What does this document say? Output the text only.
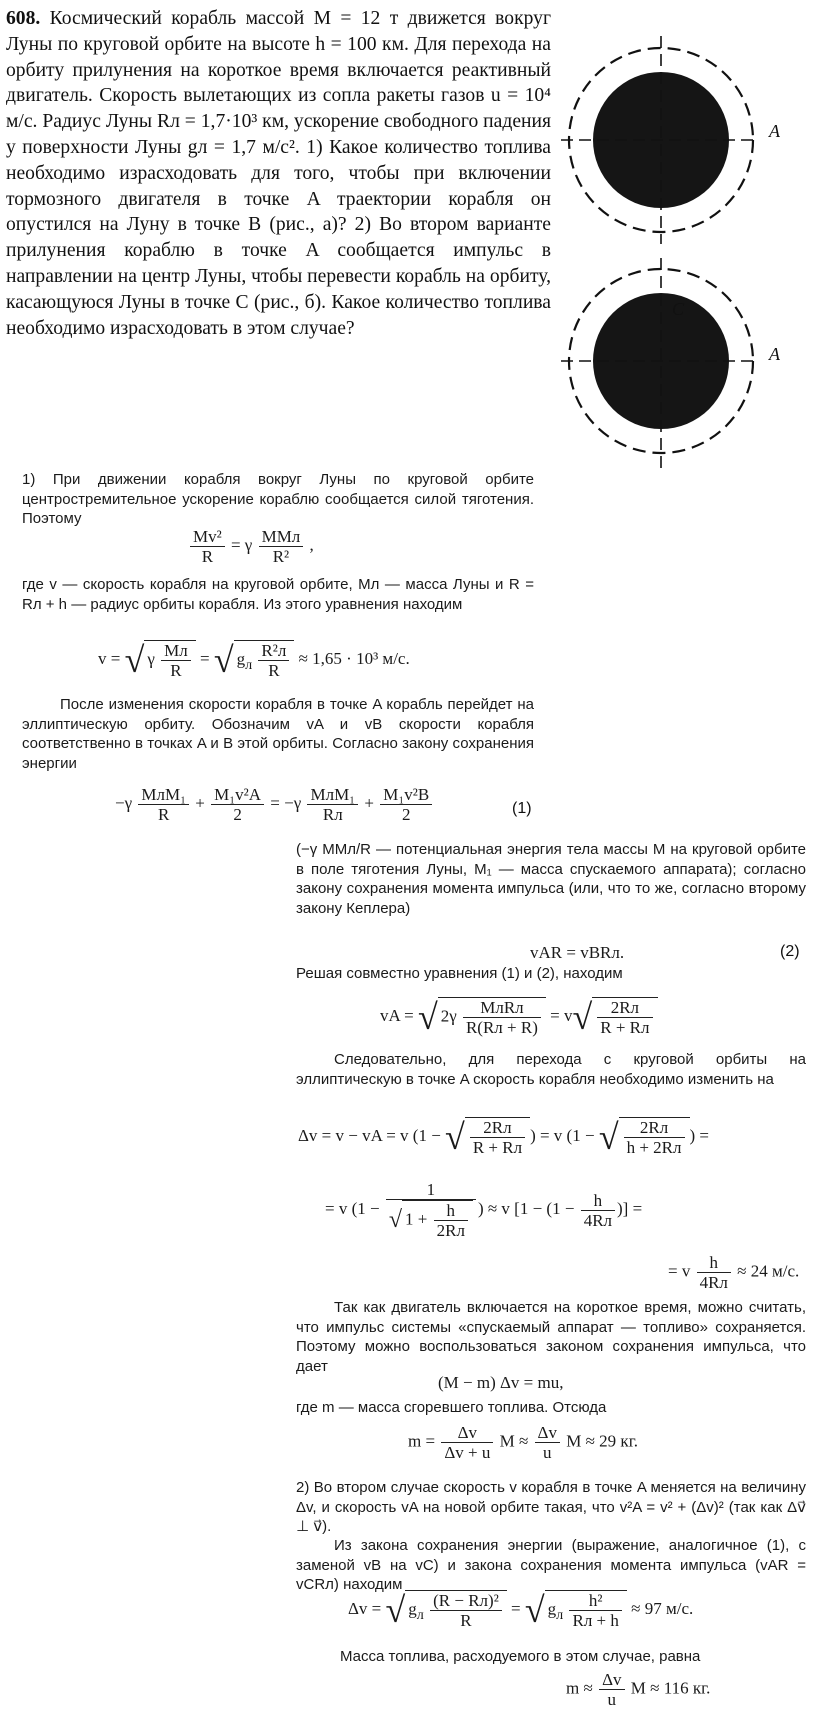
608. Космический корабль массой M = 12 т движется вокруг Луны по круговой орбите на высоте h = 100 км. Для перехода на орбиту прилунения на короткое время включается реактивный двигатель. Скорость вылетающих из сопла ракеты газов u = 10⁴ м/с. Радиус Луны Rл = 1,7·10³ км, ускорение свободного падения у поверхности Луны gл = 1,7 м/с². 1) Какое количество топлива необходимо израсходовать для того, чтобы при включении тормозного двигателя в точке A траектории корабля он опустился на Луну в точке B (рис., а)? 2) Во втором варианте прилунения кораблю в точке A сообщается импульс в направлении на центр Луны, чтобы перевести корабль на орбиту, касающуюся Луны в точке C (рис., б). Какое количество топлива необходимо израсходовать в этом случае?
B	A
C
A
1) При движении корабля вокруг Луны по круговой орбите центростремительное ускорение кораблю сообщается силой тяготения. Поэтому
$\frac{\text{Mv²}}{R} = \gamma$ MMл
R²
,
где v — скорость корабля на круговой орбите, Mл — масса Луны и R = Rл + h — радиус орбиты корабля. Из этого уравнения находим
v = √ γ Mл
R
= √ $g_л$
R²л
R
≈ 1,65 · 10³ м/с.
После изменения скорости корабля в точке A корабль перейдет на эллиптическую орбиту. Обозначим vA и vB скорости корабля соответственно в точках A и B этой орбиты. Согласно закону сохранения энергии
−γ MлM₁
R
+ $\frac{\text{M₁v²A}}{2} = -\gamma$ MлM₁
Rл
+ $\frac{\text{M₁v²B}}{2}$	(1)
(−γ MMл/R — потенциальная энергия тела массы M на круговой орбите в поле тяготения Луны, M₁ — масса спускаемого аппарата); согласно закону сохранения момента импульса (или, что то же, согласно второму закону Кеплера)
vAR = vBRл.	(2)
Решая совместно уравнения (1) и (2), находим
vA = √ 2γ	MлRл
R(Rл + R)
= v√	2Rл
R + Rл
Следовательно, для перехода с круговой орбиты на эллиптическую в точке A скорость корабля необходимо изменить на
Δv = v − vA = v (1 − √	2Rл
R + Rл
) = v (1 − √	2Rл
h + 2Rл
) =
= v (1 −
1
√ 1 + h
2Rл
) ≈ v [1 − (1 − h
4Rл
)] =
= v h
4Rл
≈ 24 м/с.
Так как двигатель включается на короткое время, можно считать, что импульс системы «спускаемый аппарат — топливо» сохраняется. Поэтому можно воспользоваться законом сохранения импульса, что дает
(M − m) Δv = mu,
где m — масса сгоревшего топлива. Отсюда
$m = \frac{\Delta v}{\Delta v + u}$ $M \approx \frac{\Delta v}{u}$ M ≈ 29 кг.
2) Во втором случае скорость v корабля в точке A меняется на величину Δv, и скорость vA на новой орбите такая, что v²A = v² + (Δv)² (так как Δv⃗ ⊥ v⃗).
Из закона сохранения энергии (выражение, аналогичное (1), с заменой vB на vC) и закона сохранения момента импульса (vAR = vCRл) находим
Δv = √ $g_л$
(R − Rл)²
R
= √ $g_л$
h²
Rл + h
≈ 97 м/с.
Масса топлива, расходуемого в этом случае, равна
$m \approx \frac{\Delta v}{u}$ M ≈ 116 кг.
